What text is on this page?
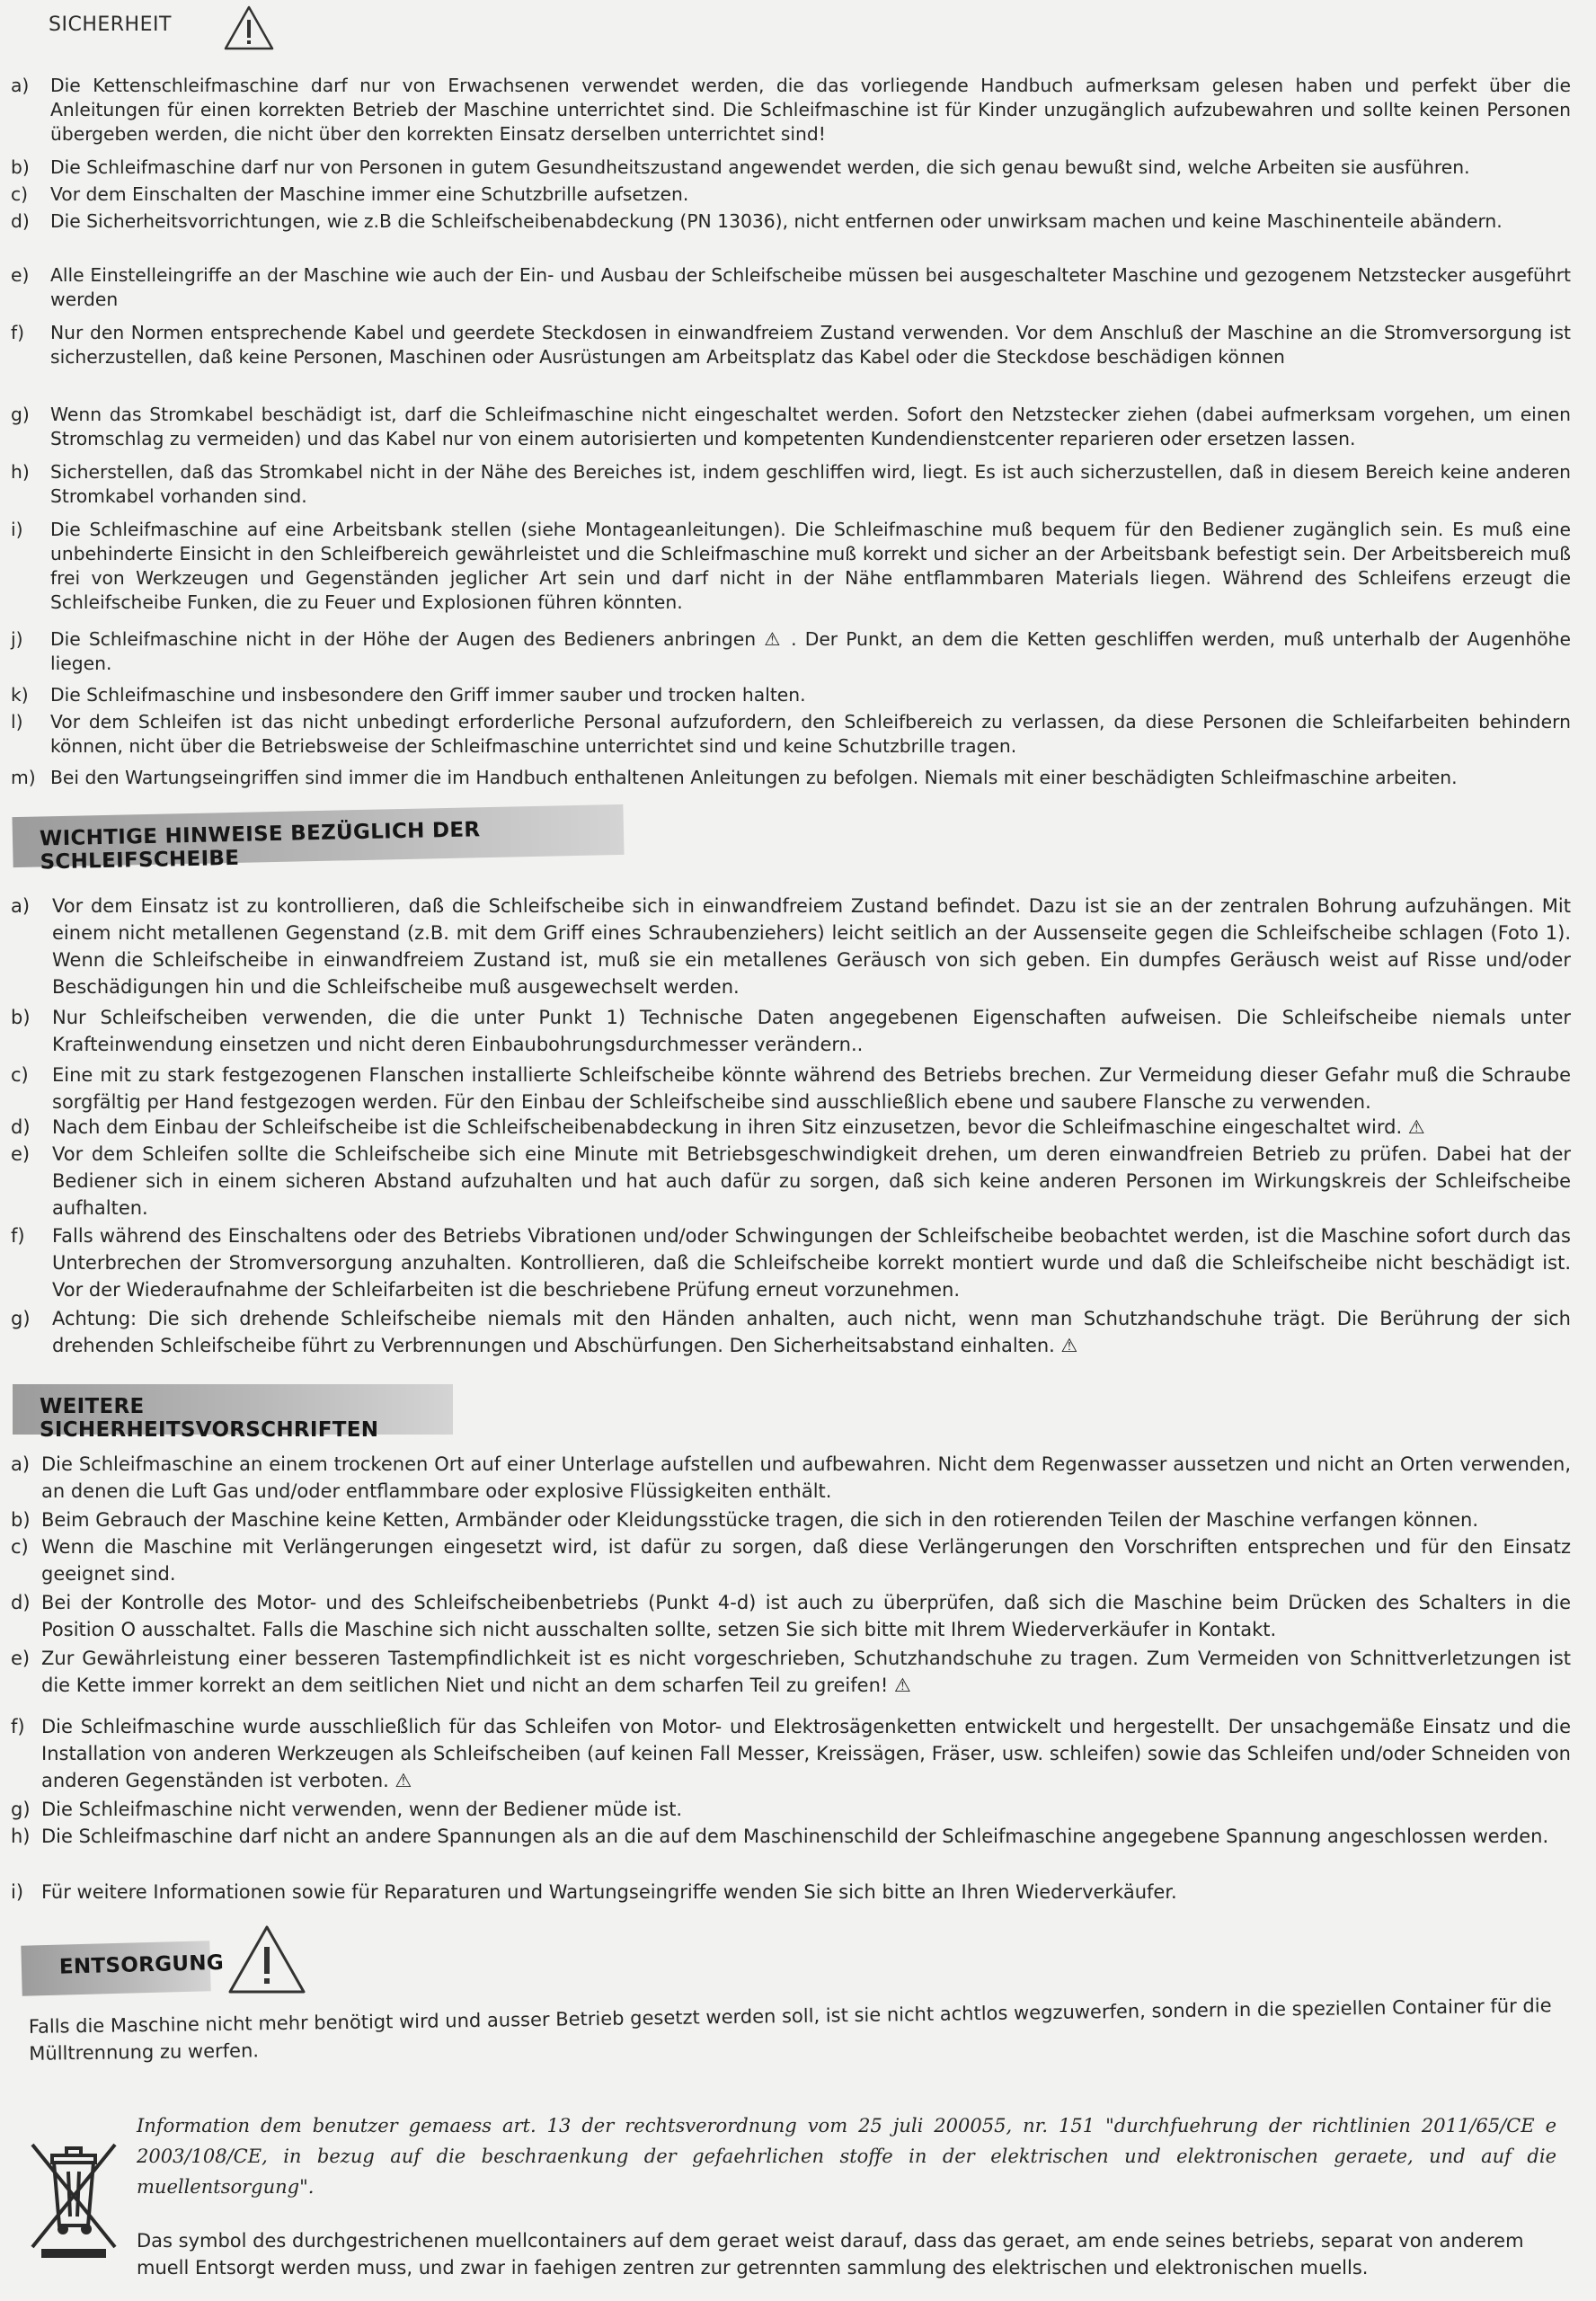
SICHERHEIT
a)	Die Kettenschleifmaschine darf nur von Erwachsenen verwendet werden, die das vorliegende Handbuch aufmerksam gelesen haben und perfekt über die Anleitungen für einen korrekten Betrieb der Maschine unterrichtet sind. Die Schleifmaschine ist für Kinder unzugänglich aufzubewahren und sollte keinen Personen übergeben werden, die nicht über den korrekten Einsatz derselben unterrichtet sind!
b)	Die Schleifmaschine darf nur von Personen in gutem Gesundheitszustand angewendet werden, die sich genau bewußt sind, welche Arbeiten sie ausführen.
c)	Vor dem Einschalten der Maschine immer eine Schutzbrille aufsetzen.
d)	Die Sicherheitsvorrichtungen, wie z.B die Schleifscheibenabdeckung (PN 13036), nicht entfernen oder unwirksam machen und keine Maschinenteile abändern.
e)	Alle Einstelleingriffe an der Maschine wie auch der Ein- und Ausbau der Schleifscheibe müssen bei ausgeschalteter Maschine und gezogenem Netzstecker ausgeführt werden
f)	Nur den Normen entsprechende Kabel und geerdete Steckdosen in einwandfreiem Zustand verwenden. Vor dem Anschluß der Maschine an die Stromversorgung ist sicherzustellen, daß keine Personen, Maschinen oder Ausrüstungen am Arbeitsplatz das Kabel oder die Steckdose beschädigen können
g)	Wenn das Stromkabel beschädigt ist, darf die Schleifmaschine nicht eingeschaltet werden. Sofort den Netzstecker ziehen (dabei aufmerksam vorgehen, um einen Stromschlag zu vermeiden) und das Kabel nur von einem autorisierten und kompetenten Kundendienstcenter reparieren oder ersetzen lassen.
h)	Sicherstellen, daß das Stromkabel nicht in der Nähe des Bereiches ist, indem geschliffen wird, liegt. Es ist auch sicherzustellen, daß in diesem Bereich keine anderen Stromkabel vorhanden sind.
i)	Die Schleifmaschine auf eine Arbeitsbank stellen (siehe Montageanleitungen). Die Schleifmaschine muß bequem für den Bediener zugänglich sein. Es muß eine unbehinderte Einsicht in den Schleifbereich gewährleistet und die Schleifmaschine muß korrekt und sicher an der Arbeitsbank befestigt sein. Der Arbeitsbereich muß frei von Werkzeugen und Gegenständen jeglicher Art sein und darf nicht in der Nähe entflammbaren Materials liegen. Während des Schleifens erzeugt die Schleifscheibe Funken, die zu Feuer und Explosionen führen könnten.
j)	Die Schleifmaschine nicht in der Höhe der Augen des Bedieners anbringen ⚠ . Der Punkt, an dem die Ketten geschliffen werden, muß unterhalb der Augenhöhe liegen.
k)	Die Schleifmaschine und insbesondere den Griff immer sauber und trocken halten.
l)	Vor dem Schleifen ist das nicht unbedingt erforderliche Personal aufzufordern, den Schleifbereich zu verlassen, da diese Personen die Schleifarbeiten behindern können, nicht über die Betriebsweise der Schleifmaschine unterrichtet sind und keine Schutzbrille tragen.
m) Bei den Wartungseingriffen sind immer die im Handbuch enthaltenen Anleitungen zu befolgen. Niemals mit einer beschädigten Schleifmaschine arbeiten.
WICHTIGE HINWEISE BEZÜGLICH DER SCHLEIFSCHEIBE
a)	Vor dem Einsatz ist zu kontrollieren, daß die Schleifscheibe sich in einwandfreiem Zustand befindet. Dazu ist sie an der zentralen Bohrung aufzuhängen. Mit einem nicht metallenen Gegenstand (z.B. mit dem Griff eines Schraubenziehers) leicht seitlich an der Aussenseite gegen die Schleifscheibe schlagen (Foto 1). Wenn die Schleifscheibe in einwandfreiem Zustand ist, muß sie ein metallenes Geräusch von sich geben. Ein dumpfes Geräusch weist auf Risse und/oder Beschädigungen hin und die Schleifscheibe muß ausgewechselt werden.
b)	Nur Schleifscheiben verwenden, die die unter Punkt 1) Technische Daten angegebenen Eigenschaften aufweisen. Die Schleifscheibe niemals unter Krafteinwendung einsetzen und nicht deren Einbaubohrungsdurchmesser verändern..
c)	Eine mit zu stark festgezogenen Flanschen installierte Schleifscheibe könnte während des Betriebs brechen. Zur Vermeidung dieser Gefahr muß die Schraube sorgfältig per Hand festgezogen werden. Für den Einbau der Schleifscheibe sind ausschließlich ebene und saubere Flansche zu verwenden.
d)	Nach dem Einbau der Schleifscheibe ist die Schleifscheibenabdeckung in ihren Sitz einzusetzen, bevor die Schleifmaschine eingeschaltet wird. ⚠
e)	Vor dem Schleifen sollte die Schleifscheibe sich eine Minute mit Betriebsgeschwindigkeit drehen, um deren einwandfreien Betrieb zu prüfen. Dabei hat der Bediener sich in einem sicheren Abstand aufzuhalten und hat auch dafür zu sorgen, daß sich keine anderen Personen im Wirkungskreis der Schleifscheibe aufhalten.
f)	Falls während des Einschaltens oder des Betriebs Vibrationen und/oder Schwingungen der Schleifscheibe beobachtet werden, ist die Maschine sofort durch das Unterbrechen der Stromversorgung anzuhalten. Kontrollieren, daß die Schleifscheibe korrekt montiert wurde und daß die Schleifscheibe nicht beschädigt ist. Vor der Wiederaufnahme der Schleifarbeiten ist die beschriebene Prüfung erneut vorzunehmen.
g)	Achtung: Die sich drehende Schleifscheibe niemals mit den Händen anhalten, auch nicht, wenn man Schutzhandschuhe trägt. Die Berührung der sich drehenden Schleifscheibe führt zu Verbrennungen und Abschürfungen. Den Sicherheitsabstand einhalten. ⚠
WEITERE SICHERHEITSVORSCHRIFTEN
a) Die Schleifmaschine an einem trockenen Ort auf einer Unterlage aufstellen und aufbewahren. Nicht dem Regenwasser aussetzen und nicht an Orten verwenden, an denen die Luft Gas und/oder entflammbare oder explosive Flüssigkeiten enthält.
b) Beim Gebrauch der Maschine keine Ketten, Armbänder oder Kleidungsstücke tragen, die sich in den rotierenden Teilen der Maschine verfangen können.
c) Wenn die Maschine mit Verlängerungen eingesetzt wird, ist dafür zu sorgen, daß diese Verlängerungen den Vorschriften entsprechen und für den Einsatz geeignet sind.
d) Bei der Kontrolle des Motor- und des Schleifscheibenbetriebs (Punkt 4-d) ist auch zu überprüfen, daß sich die Maschine beim Drücken des Schalters in die Position O ausschaltet. Falls die Maschine sich nicht ausschalten sollte, setzen Sie sich bitte mit Ihrem Wiederverkäufer in Kontakt.
e) Zur Gewährleistung einer besseren Tastempfindlichkeit ist es nicht vorgeschrieben, Schutzhandschuhe zu tragen. Zum Vermeiden von Schnittverletzungen ist die Kette immer korrekt an dem seitlichen Niet und nicht an dem scharfen Teil zu greifen! ⚠
f) Die Schleifmaschine wurde ausschließlich für das Schleifen von Motor- und Elektrosägenketten entwickelt und hergestellt. Der unsachgemäße Einsatz und die Installation von anderen Werkzeugen als Schleifscheiben (auf keinen Fall Messer, Kreissägen, Fräser, usw. schleifen) sowie das Schleifen und/oder Schneiden von anderen Gegenständen ist verboten. ⚠
g) Die Schleifmaschine nicht verwenden, wenn der Bediener müde ist.
h) Die Schleifmaschine darf nicht an andere Spannungen als an die auf dem Maschinenschild der Schleifmaschine angegebene Spannung angeschlossen werden.
i) Für weitere Informationen sowie für Reparaturen und Wartungseingriffe wenden Sie sich bitte an Ihren Wiederverkäufer.
ENTSORGUNG
Falls die Maschine nicht mehr benötigt wird und ausser Betrieb gesetzt werden soll, ist sie nicht achtlos wegzuwerfen, sondern in die speziellen Container für die Mülltrennung zu werfen.
Information dem benutzer gemaess art. 13 der rechtsverordnung vom 25 juli 200055, nr. 151 "durchfuehrung der richtlinien 2011/65/CE e 2003/108/CE, in bezug auf die beschraenkung der gefaehrlichen stoffe in der elektrischen und elektronischen geraete, und auf die muellentsorgung".
Das symbol des durchgestrichenen muellcontainers auf dem geraet weist darauf, dass das geraet, am ende seines betriebs, separat von anderem muell Entsorgt werden muss, und zwar in faehigen zentren zur getrennten sammlung des elektrischen und elektronischen muells.
